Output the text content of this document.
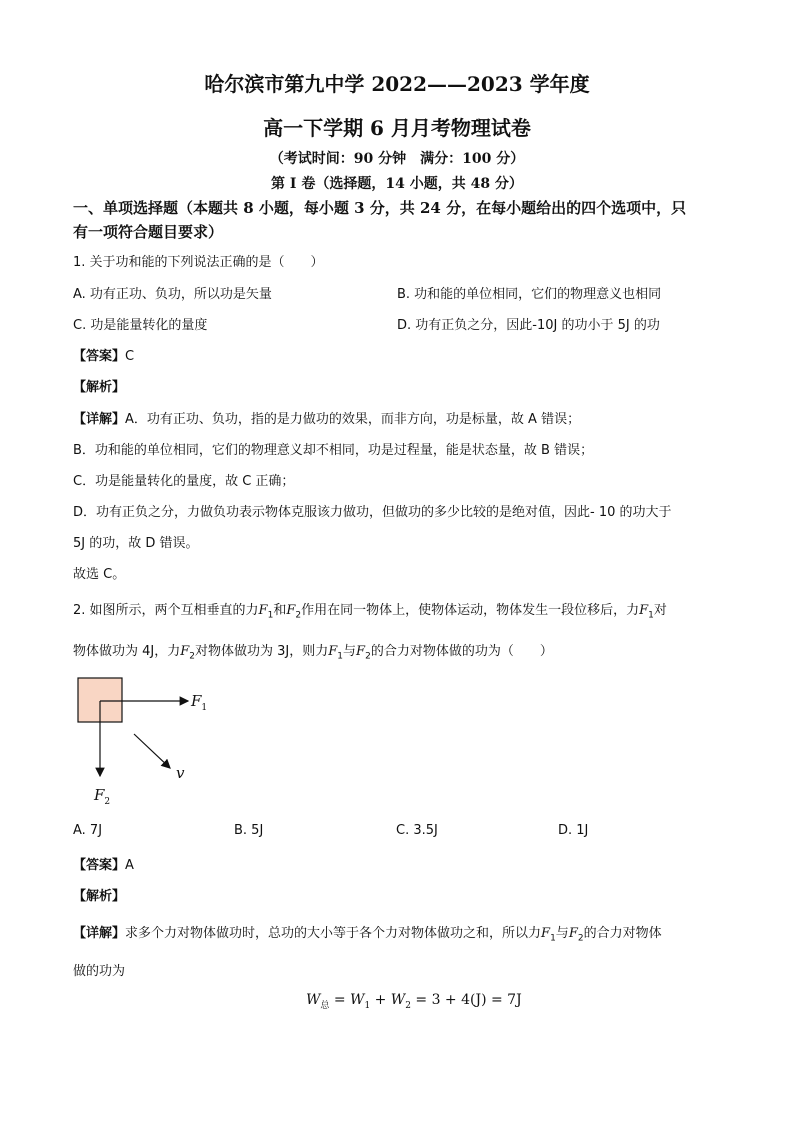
哈尔滨市第九中学 2022——2023 学年度
高一下学期 6 月月考物理试卷
（考试时间：90 分钟　满分：100 分）
第 I 卷（选择题，14 小题，共 48 分）
一、单项选择题（本题共 8 小题，每小题 3 分，共 24 分，在每小题给出的四个选项中，只
有一项符合题目要求）
1. 关于功和能的下列说法正确的是（　　）
A. 功有正功、负功，所以功是矢量	B. 功和能的单位相同，它们的物理意义也相同
C. 功是能量转化的量度	D. 功有正负之分，因此-10J 的功小于 5J 的功
【答案】C
【解析】
【详解】A．功有正功、负功，指的是力做功的效果，而非方向，功是标量，故 A 错误；
B．功和能的单位相同，它们的物理意义却不相同，功是过程量，能是状态量，故 B 错误；
C．功是能量转化的量度，故 C 正确；
D．功有正负之分，力做负功表示物体克服该力做功，但做功的多少比较的是绝对值，因此- 10 的功大于
5J 的功，故 D 错误。
故选 C。
2. 如图所示，两个互相垂直的力$F_1$和$F_2$作用在同一物体上，使物体运动，物体发生一段位移后，力$F_1$对
物体做功为 4J，力$F_2$对物体做功为 3J，则力$F_1$与$F_2$的合力对物体做的功为（　　）
$F_1$
v
$F_2$
A. 7J	B. 5J	C. 3.5J	D. 1J
【答案】A
【解析】
【详解】求多个力对物体做功时，总功的大小等于各个力对物体做功之和，所以力$F_1$与$F_2$的合力对物体
做的功为
$W_总 = W_1 + W_2 = 3 + 4(J) = 7J$
